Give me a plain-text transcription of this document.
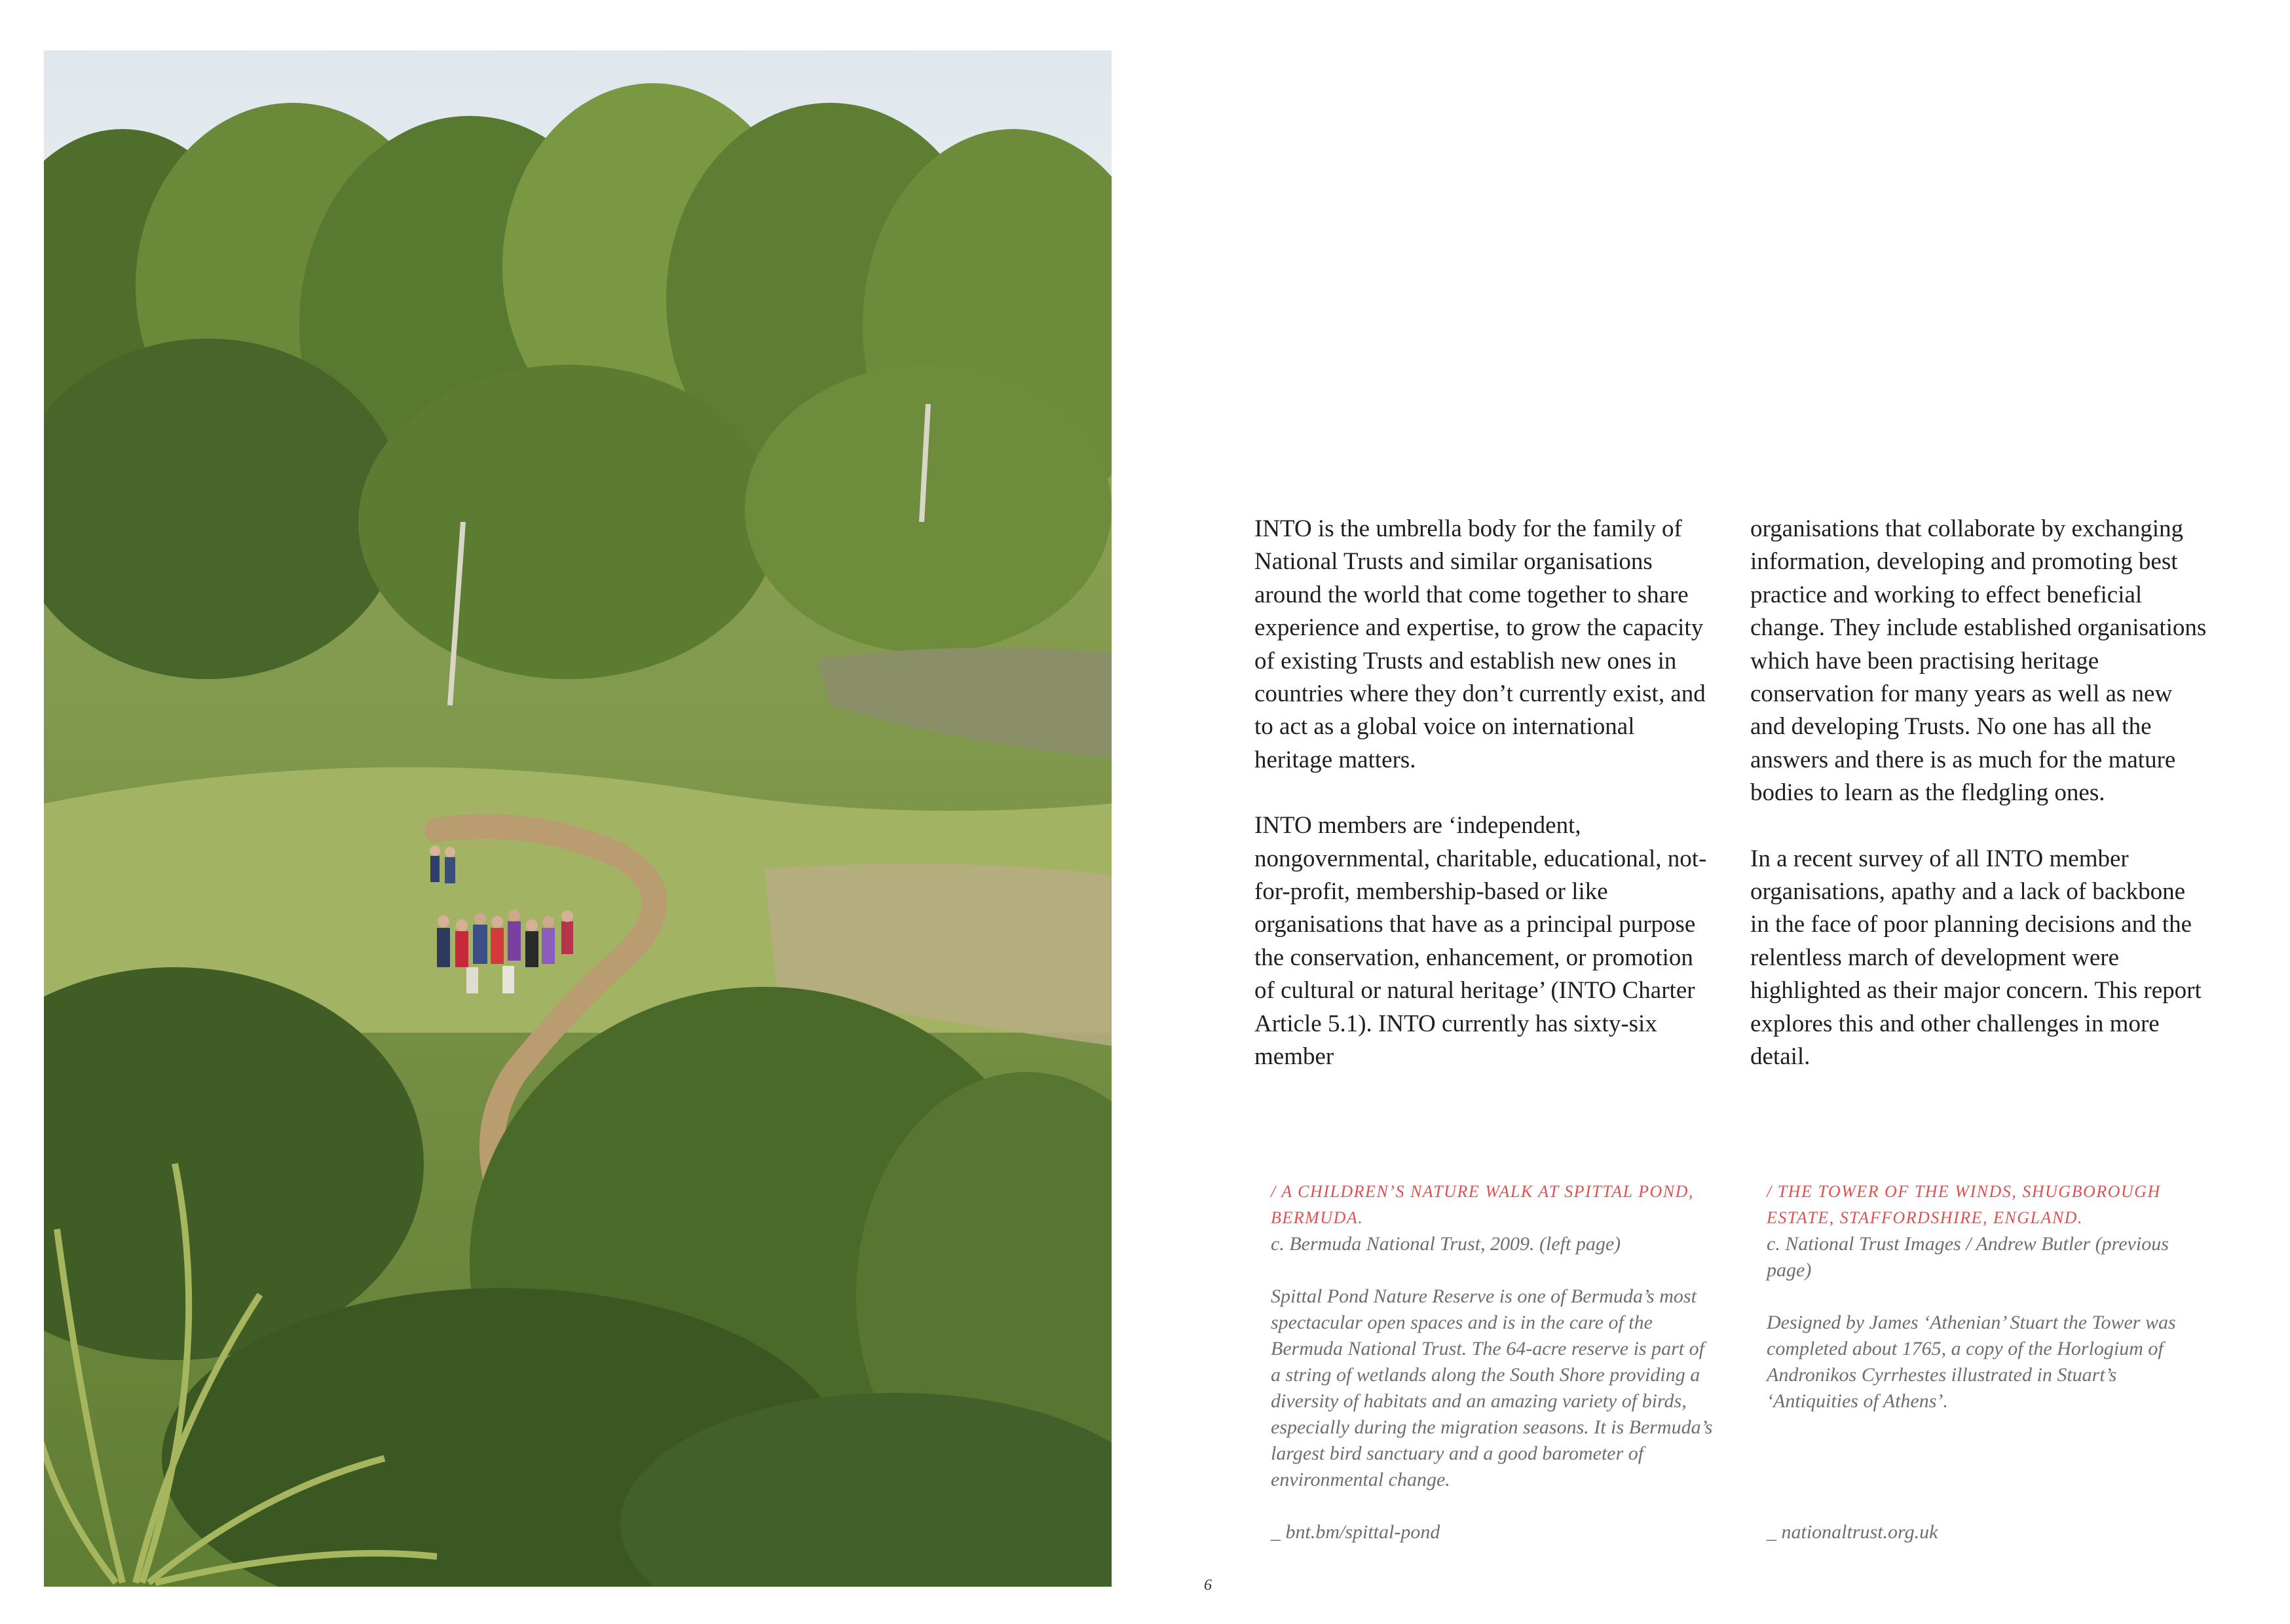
INTO is the umbrella body for the family of National Trusts and similar organisations around the world that come together to share experience and expertise, to grow the capacity of existing Trusts and establish new ones in countries where they don’t currently exist, and to act as a global voice on international heritage matters.

INTO members are ‘independent, nongovernmental, charitable, educational, not-for-profit, membership-based or like organisations that have as a principal purpose the conservation, enhancement, or promotion of cultural or natural heritage’ (INTO Charter Article 5.1). INTO currently has sixty-six member

organisations that collaborate by exchanging information, developing and promoting best practice and working to effect beneficial change. They include established organisations which have been practising heritage conservation for many years as well as new and developing Trusts. No one has all the answers and there is as much for the mature bodies to learn as the fledgling ones.

In a recent survey of all INTO member organisations, apathy and a lack of backbone in the face of poor planning decisions and the relentless march of development were highlighted as their major concern. This report explores this and other challenges in more detail.

/ A CHILDREN’S NATURE WALK AT SPITTAL POND, BERMUDA.

c. Bermuda National Trust, 2009. (left page)

Spittal Pond Nature Reserve is one of Bermuda’s most spectacular open spaces and is in the care of the Bermuda National Trust. The 64-acre reserve is part of a string of wetlands along the South Shore providing a diversity of habitats and an amazing variety of birds, especially during the migration seasons. It is Bermuda’s largest bird sanctuary and a good barometer of environmental change.

_ bnt.bm/spittal-pond

/ THE TOWER OF THE WINDS, SHUGBOROUGH ESTATE, STAFFORDSHIRE, ENGLAND.

c. National Trust Images / Andrew Butler (previous page)

Designed by James ‘Athenian’ Stuart the Tower was completed about 1765, a copy of the Horlogium of Andronikos Cyrrhestes illustrated in Stuart’s ‘Antiquities of Athens’.

_ nationaltrust.org.uk

6
